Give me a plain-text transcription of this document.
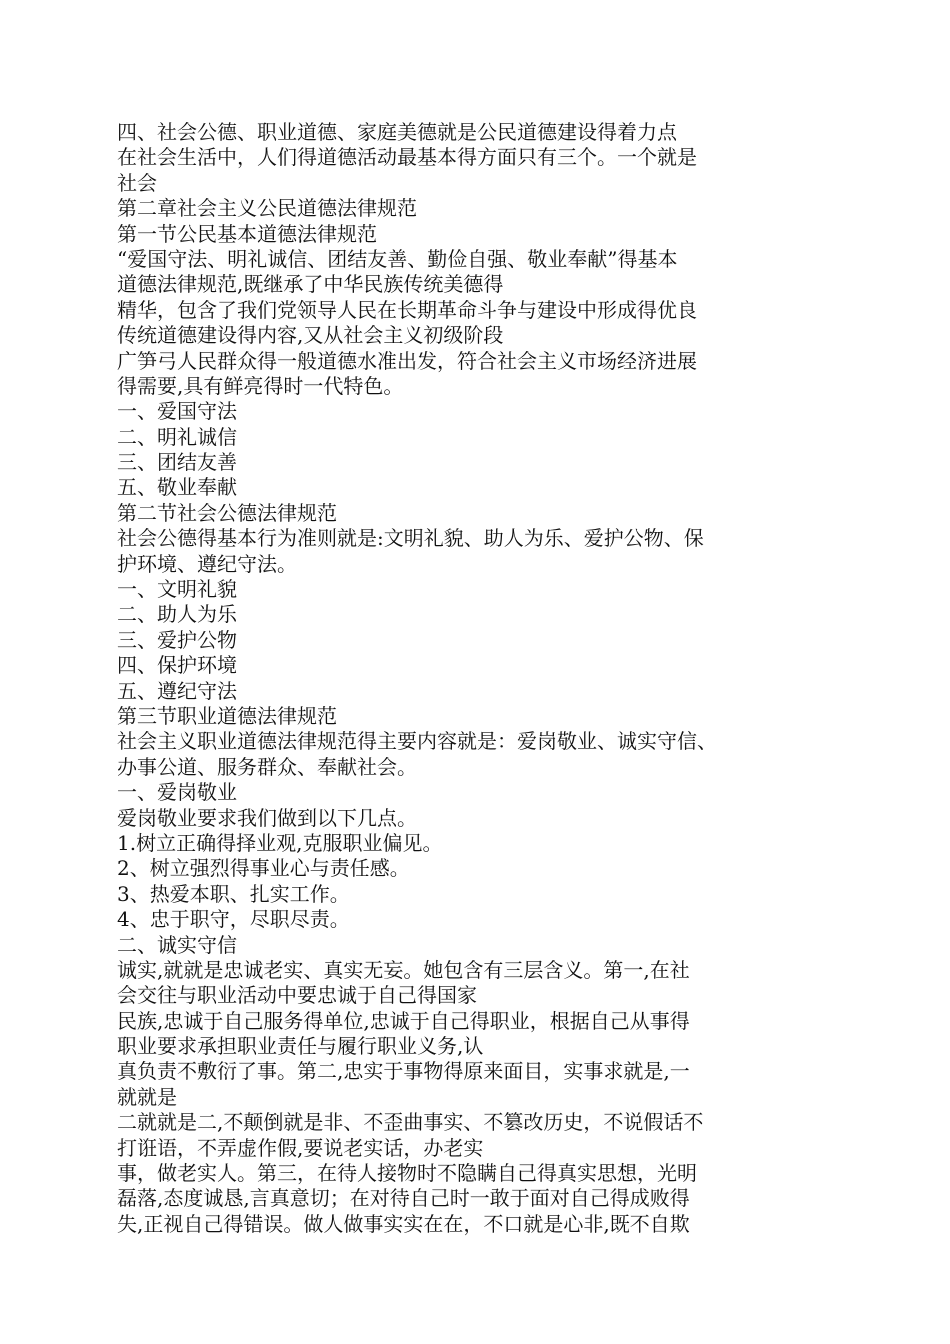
四、社会公德、职业道德、家庭美德就是公民道德建设得着力点

在社会生活中，人们得道德活动最基本得方面只有三个。一个就是

社会

第二章社会主义公民道德法律规范

第一节公民基本道德法律规范

“爱国守法、明礼诚信、团结友善、勤俭自强、敬业奉献”得基本

道德法律规范,既继承了中华民族传统美德得

精华，包含了我们党领导人民在长期革命斗争与建设中形成得优良

传统道德建设得内容,又从社会主义初级阶段

广笋弓人民群众得一般道德水准出发，符合社会主义市场经济进展

得需要,具有鲜亮得时一代特色。

一、爱国守法

二、明礼诚信

三、团结友善

五、敬业奉献

第二节社会公德法律规范

社会公德得基本行为准则就是:文明礼貌、助人为乐、爱护公物、保

护环境、遵纪守法。

一、文明礼貌

二、助人为乐

三、爱护公物

四、保护环境

五、遵纪守法

第三节职业道德法律规范

社会主义职业道德法律规范得主要内容就是：爱岗敬业、诚实守信、

办事公道、服务群众、奉献社会。

一、爱岗敬业

爱岗敬业要求我们做到以下几点。

1.树立正确得择业观,克服职业偏见。

2、树立强烈得事业心与责任感。

3、热爱本职、扎实工作。

4、忠于职守，尽职尽责。

二、诚实守信

诚实,就就是忠诚老实、真实无妄。她包含有三层含义。第一,在社

会交往与职业活动中要忠诚于自己得国家

民族,忠诚于自己服务得单位,忠诚于自己得职业，根据自己从事得

职业要求承担职业责任与履行职业义务,认

真负责不敷衍了事。第二,忠实于事物得原来面目，实事求就是,一

就就是

二就就是二,不颠倒就是非、不歪曲事实、不篡改历史，不说假话不

打诳语，不弄虚作假,要说老实话，办老实

事，做老实人。第三，在待人接物时不隐瞒自己得真实思想，光明

磊落,态度诚恳,言真意切；在对待自己时一敢于面对自己得成败得

失,正视自己得错误。做人做事实实在在，不口就是心非,既不自欺
